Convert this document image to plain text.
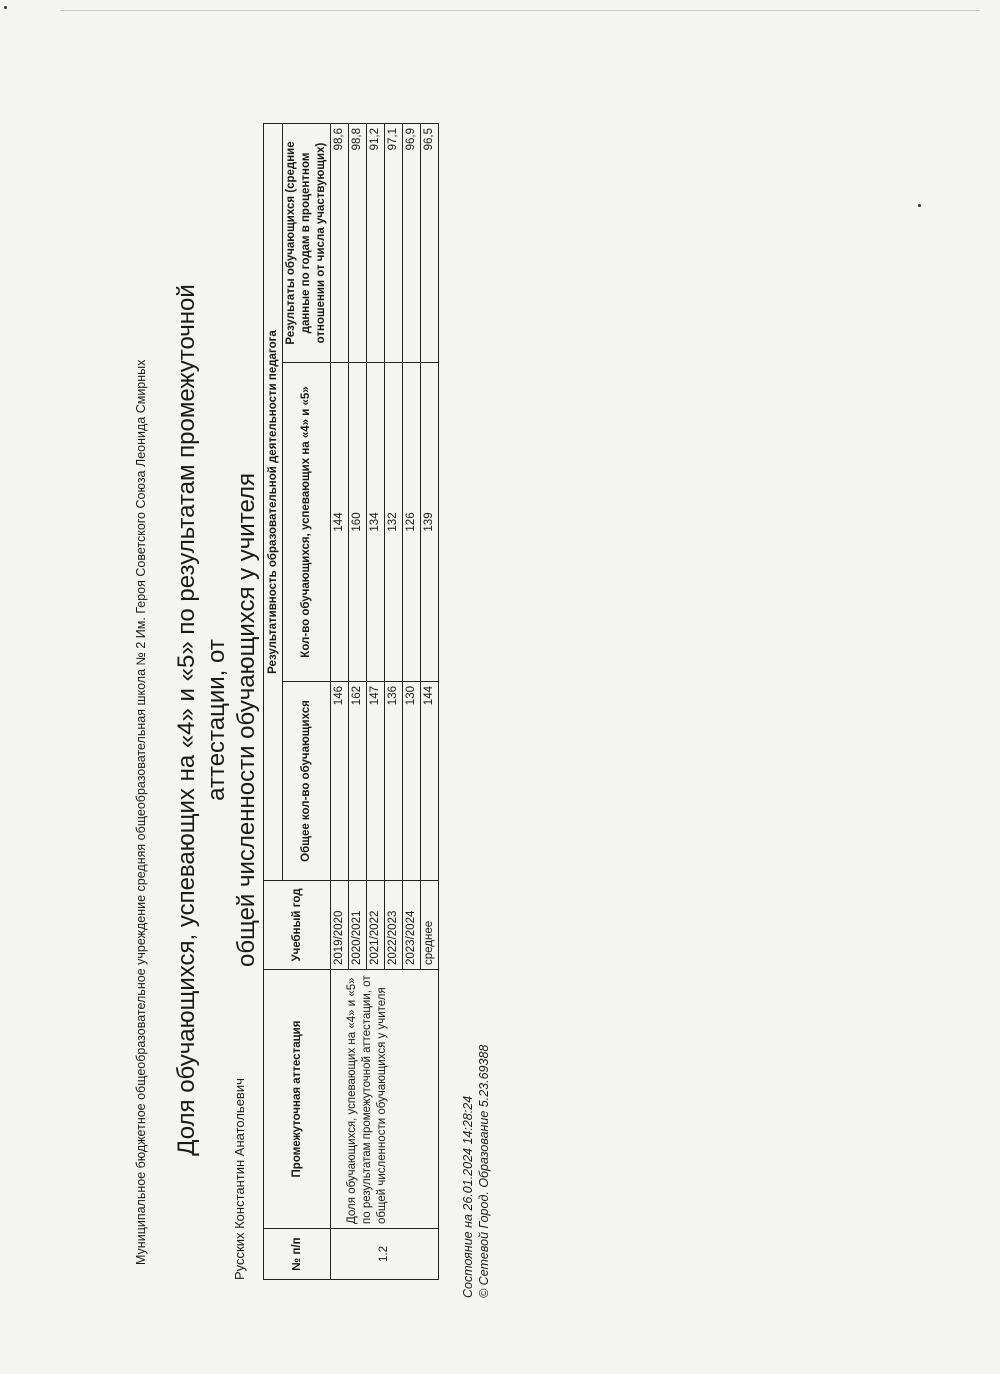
Муниципальное бюджетное общеобразовательное учреждение средняя общеобразовательная школа № 2 Им. Героя Советского Союза Леонида Смирных Доля обучающихся, успевающих на «4» и «5» по результатам промежуточной аттестации, от общей численности обучающихся у учителя
Русских Константин Анатольевич	№ п/п	Промежуточная аттестация	Учебный год	Результативность образовательной деятельности педагога		
			Общее кол-во обучающихся	Кол-во обучающихся, успевающих на «4» и «5»	Результаты обучающихся (средние данные по годам в процентном отношении от числа участвующих)
1.2	Доля обучающихся, успевающих на «4» и «5» по результатам промежуточной аттестации, от общей численности обучающихся у учителя	2019/2020	146	144	98,6
		2020/2021	162	160	98,8
		2021/2022	147	134	91,2
		2022/2023	136	132	97,1
		2023/2024	130	126	96,9
		среднее	144	139	96,5
Состояние на 26.01.2024 14:28:24 © Сетевой Город. Образование 5.23.69388
